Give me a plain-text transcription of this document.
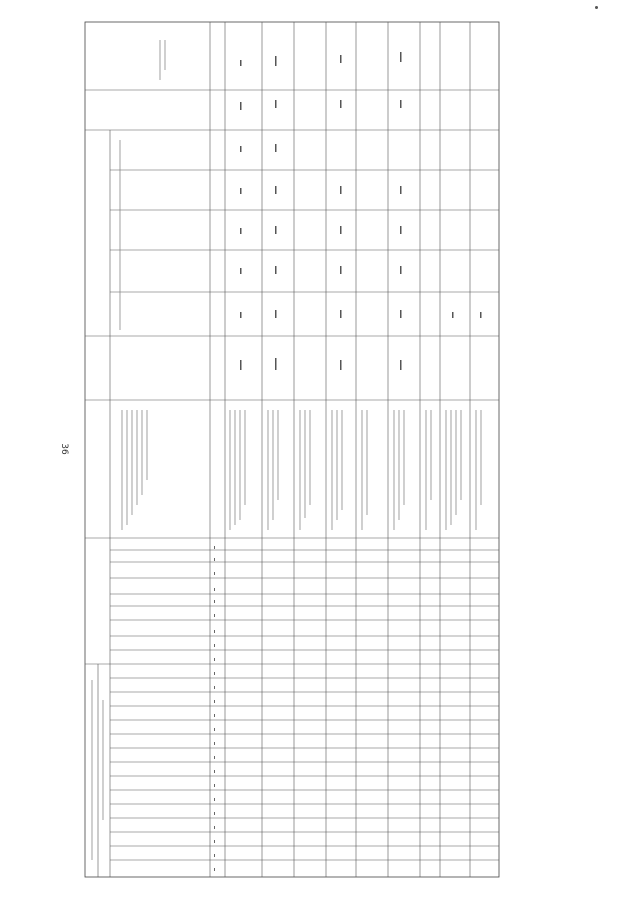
36
